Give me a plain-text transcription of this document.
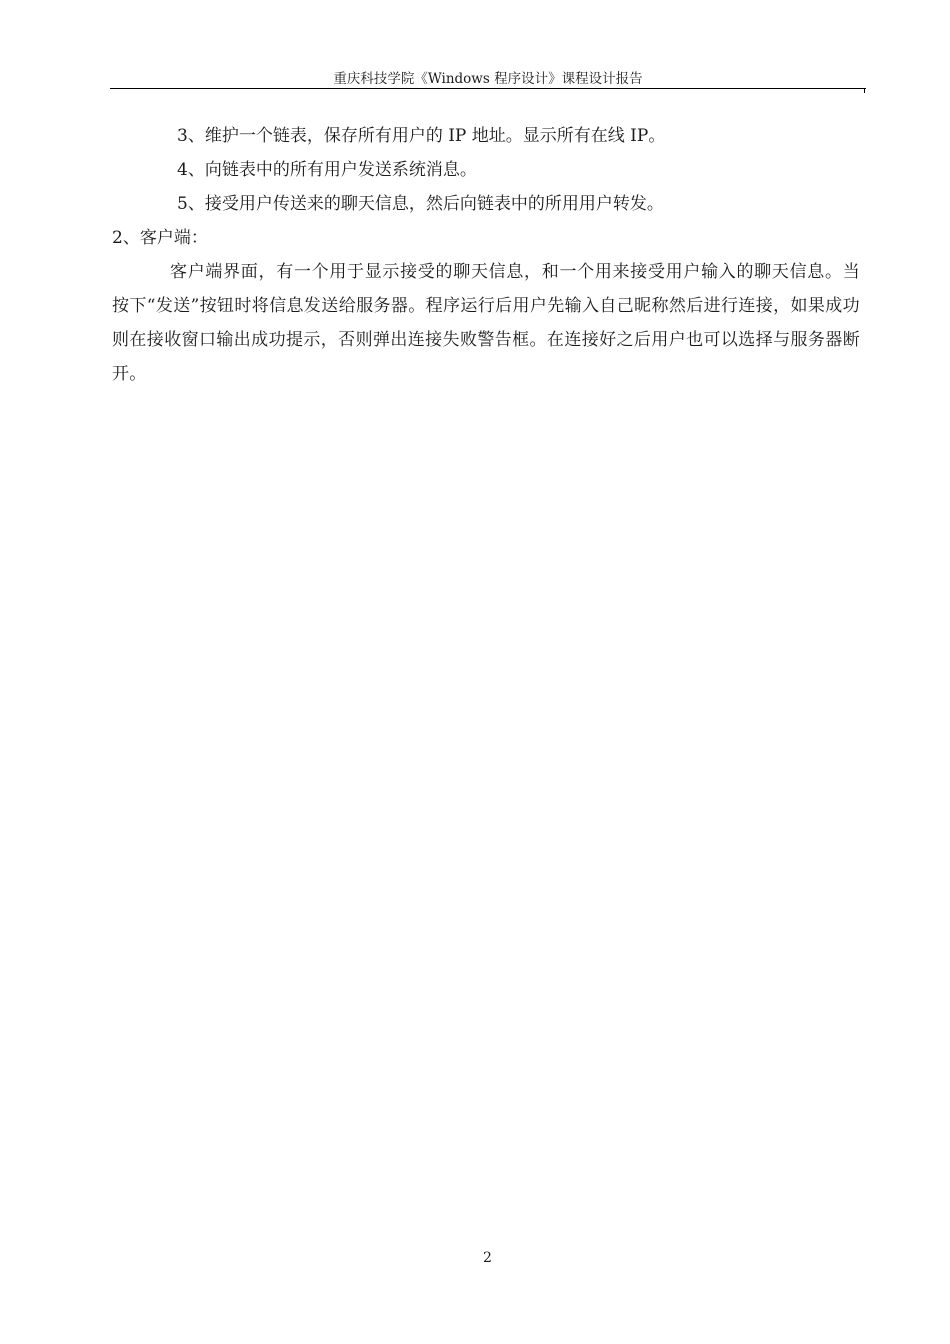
重庆科技学院《Windows 程序设计》课程设计报告

3、维护一个链表，保存所有用户的 IP 地址。显示所有在线 IP。

4、向链表中的所有用户发送系统消息。

5、接受用户传送来的聊天信息，然后向链表中的所用用户转发。

2、客户端：

客户端界面，有一个用于显示接受的聊天信息，和一个用来接受用户输入的聊天信息。当按下“发送”按钮时将信息发送给服务器。程序运行后用户先输入自己昵称然后进行连接，如果成功则在接收窗口输出成功提示，否则弹出连接失败警告框。在连接好之后用户也可以选择与服务器断开。

2
